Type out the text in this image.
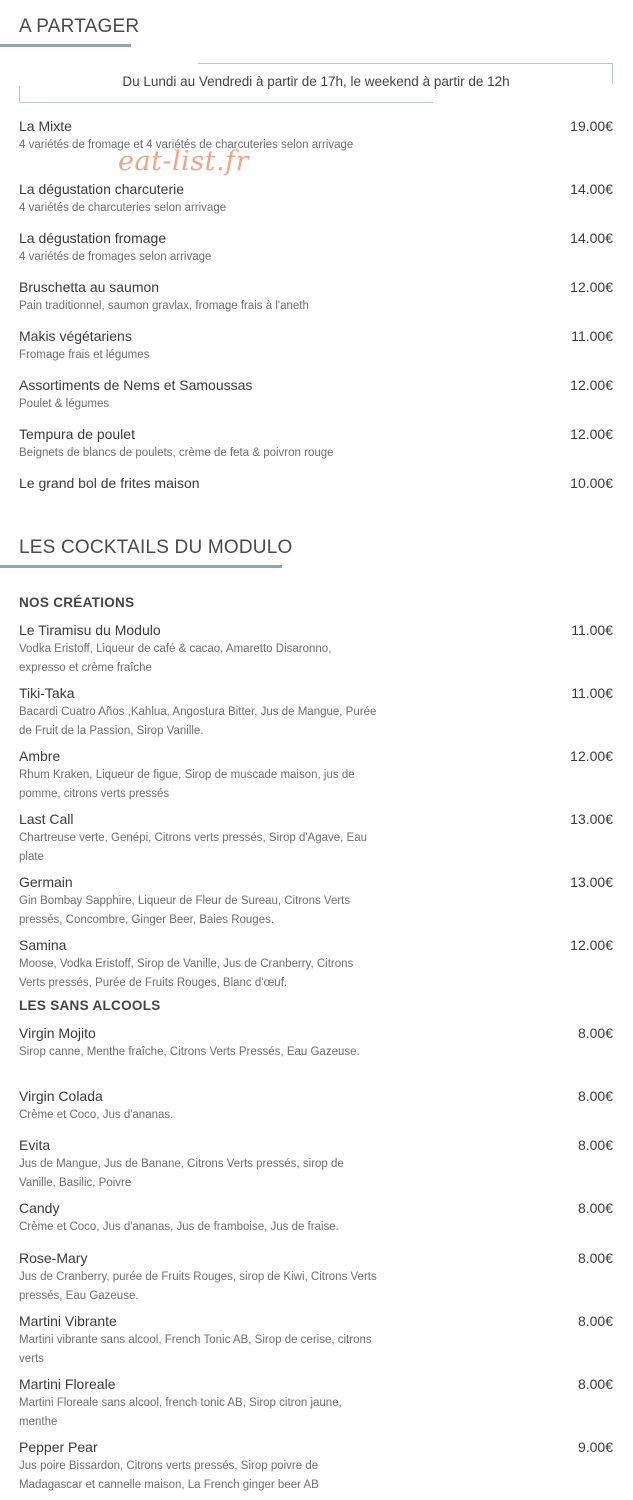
A PARTAGER
Du Lundi au Vendredi à partir de 17h, le weekend à partir de 12h
eat-list.fr
La Mixte
4 variétés de fromage et 4 variétés de charcuteries selon arrivage
19.00€
La dégustation charcuterie
4 variétés de charcuteries selon arrivage
14.00€
La dégustation fromage
4 variétés de fromages selon arrivage
14.00€
Bruschetta au saumon
Pain traditionnel, saumon gravlax, fromage frais à l'aneth
12.00€
Makis végétariens
Fromage frais et légumes
11.00€
Assortiments de Nems et Samoussas
Poulet & légumes
12.00€
Tempura de poulet
Beignets de blancs de poulets, crème de feta & poivron rouge
12.00€
Le grand bol de frites maison	10.00€
LES COCKTAILS DU MODULO
NOS CRÉATIONS
Le Tiramisu du Modulo
Vodka Eristoff, Liqueur de café & cacao, Amaretto Disaronno, expresso et crème fraîche
11.00€
Tiki-Taka
Bacardi Cuatro Años ,Kahlua, Angostura Bitter, Jus de Mangue, Purée de Fruit de la Passion, Sirop Vanille.
11.00€
Ambre
Rhum Kraken, Liqueur de figue, Sirop de muscade maison, jus de pomme, citrons verts pressés
12.00€
Last Call
Chartreuse verte, Genépi, Citrons verts pressés, Sirop d'Agave, Eau plate
13.00€
Germain
Gin Bombay Sapphire, Liqueur de Fleur de Sureau, Citrons Verts pressés, Concombre, Ginger Beer, Baies Rouges.
13.00€
Samina
Moose, Vodka Eristoff, Sirop de Vanille, Jus de Cranberry, Citrons Verts pressés, Purée de Fruits Rouges, Blanc d'œuf.
12.00€
LES SANS ALCOOLS
Virgin Mojito
Sirop canne, Menthe fraîche, Citrons Verts Pressés, Eau Gazeuse.
8.00€
Virgin Colada
Crème et Coco, Jus d'ananas.
8.00€
Evita
Jus de Mangue, Jus de Banane, Citrons Verts pressés, sirop de Vanille, Basilic, Poivre
8.00€
Candy
Crème et Coco, Jus d'ananas, Jus de framboise, Jus de fraise.
8.00€
Rose-Mary
Jus de Cranberry, purée de Fruits Rouges, sirop de Kiwi, Citrons Verts pressés, Eau Gazeuse.
8.00€
Martini Vibrante
Martini vibrante sans alcool, French Tonic AB, Sirop de cerise, citrons verts
8.00€
Martini Floreale
Martini Floreale sans alcool, french tonic AB, Sirop citron jaune, menthe
8.00€
Pepper Pear
Jus poire Bissardon, Citrons verts pressés, Sirop poivre de Madagascar et cannelle maison, La French ginger beer AB
9.00€
